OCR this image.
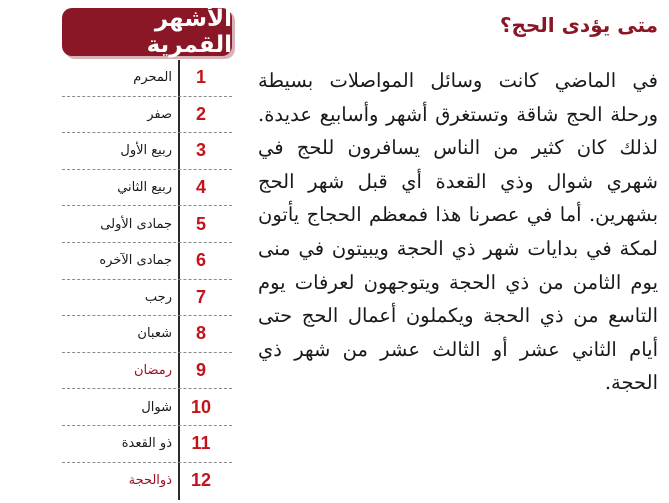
الأشهر القمرية
المحرم	1
صفر	2
ربيع الأول	3
ربيع الثاني	4
جمادى الأولى	5
جمادى الآخره	6
رجب	7
شعبان	8
رمضان	9
شوال 10
ذو القعدة	11
ذوالحجة 12
متى يؤدى الحج؟

في الماضي كانت وسائل المواصلات بسيطة ورحلة الحج شاقة وتستغرق أشهر وأسابيع عديدة. لذلك كان كثير من الناس يسافرون للحج في شهري شوال وذي القعدة أي قبل شهر الحج بشهرين. أما في عصرنا هذا فمعظم الحجاج يأتون لمكة في بدايات شهر ذي الحجة ويبيتون في منى يوم الثامن من ذي الحجة ويتوجهون لعرفات يوم التاسع من ذي الحجة ويكملون أعمال الحج حتى أيام الثاني عشر أو الثالث عشر من شهر ذي الحجة.
